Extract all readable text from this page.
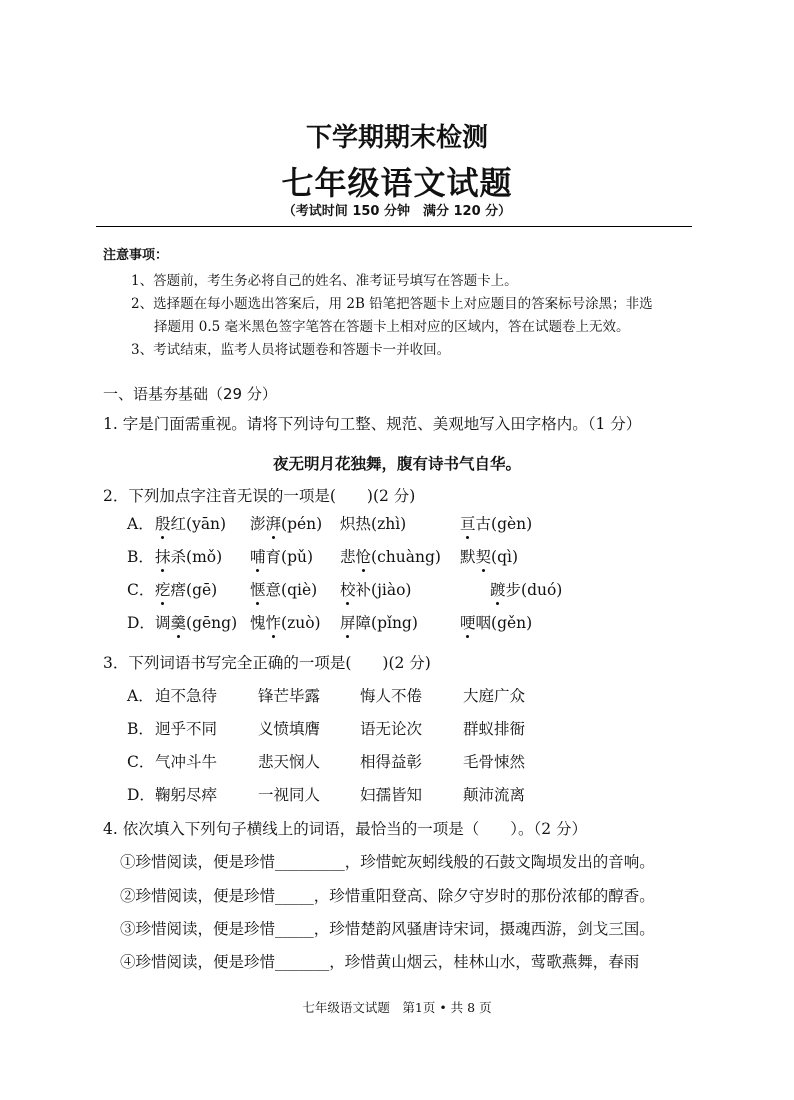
下学期期末检测
七年级语文试题
（考试时间 150 分钟　满分 120 分）
注意事项：
1、答题前，考生务必将自己的姓名、准考证号填写在答题卡上。
2、选择题在每小题选出答案后，用 2B 铅笔把答题卡上对应题目的答案标号涂黑；非选
择题用 0.5 毫米黑色签字笔答在答题卡上相对应的区域内，答在试题卷上无效。
3、考试结束，监考人员将试题卷和答题卡一并收回。
一、语基夯基础（29 分）
1. 字是门面需重视。请将下列诗句工整、规范、美观地写入田字格内。（1 分）
夜无明月花独舞，腹有诗书气自华。
2．下列加点字注音无误的一项是(　　)(2 分)
A． 殷红(yān) 澎湃(pén) 炽热(zhì)	亘古(gèn)
B． 抹杀(mǒ) 哺育(pǔ) 悲怆(chuàng) 默契(qì)
C． 疙瘩(gē) 惬意(qiè) 校补(jiào)	踱步(duó)
D． 调羹(gēng) 愧怍(zuò) 屏障(pǐng)	哽咽(gěn)
3．下列词语书写完全正确的一项是(　　)(2 分)
A． 迫不急待	锋芒毕露	悔人不倦	大庭广众
B． 迥乎不同	义愤填膺	语无论次	群蚁排衙
C． 气冲斗牛	悲天悯人	相得益彰	毛骨悚然
D． 鞠躬尽瘁	一视同人	妇孺皆知	颠沛流离
4. 依次填入下列句子横线上的词语，最恰当的一项是（　　）。（2 分）
①珍惜阅读，便是珍惜_________，珍惜蛇灰蚓线般的石鼓文陶埙发出的音响。
②珍惜阅读，便是珍惜_____，珍惜重阳登高、除夕守岁时的那份浓郁的醇香。
③珍惜阅读，便是珍惜_____，珍惜楚韵风骚唐诗宋词，摄魂西游，剑戈三国。
④珍惜阅读，便是珍惜_______，珍惜黄山烟云，桂林山水，莺歌燕舞，春雨
七年级语文试题　第1页 • 共 8 页
